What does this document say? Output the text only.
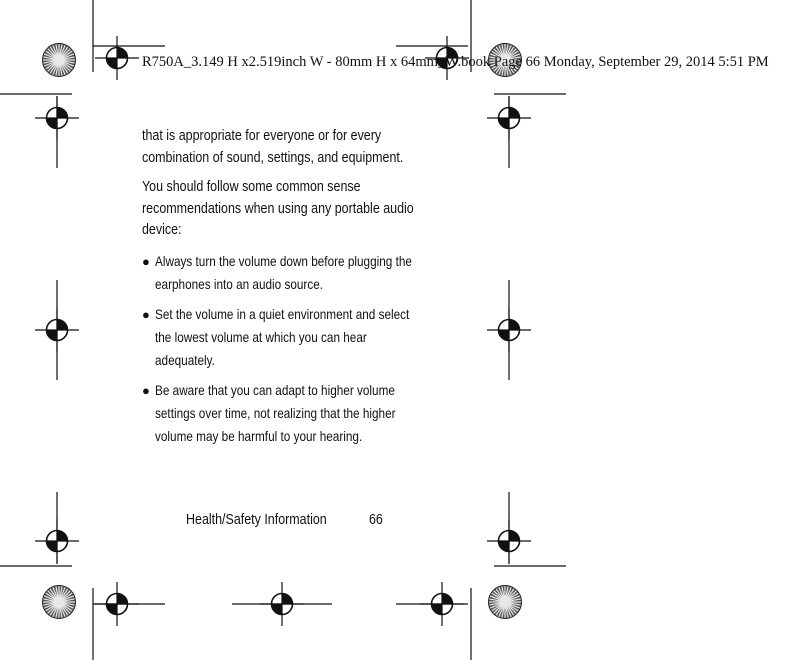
R750A_3.149 H x2.519inch W - 80mm H x 64mm_W.book Page 66 Monday, September 29, 2014 5:51 PM

that is appropriate for everyone or for every combination of sound, settings, and equipment.

You should follow some common sense recommendations when using any portable audio device:

● Always turn the volume down before plugging the earphones into an audio source.
● Set the volume in a quiet environment and select the lowest volume at which you can hear adequately.
● Be aware that you can adapt to higher volume settings over time, not realizing that the higher volume may be harmful to your hearing.
Health/Safety Information	66
